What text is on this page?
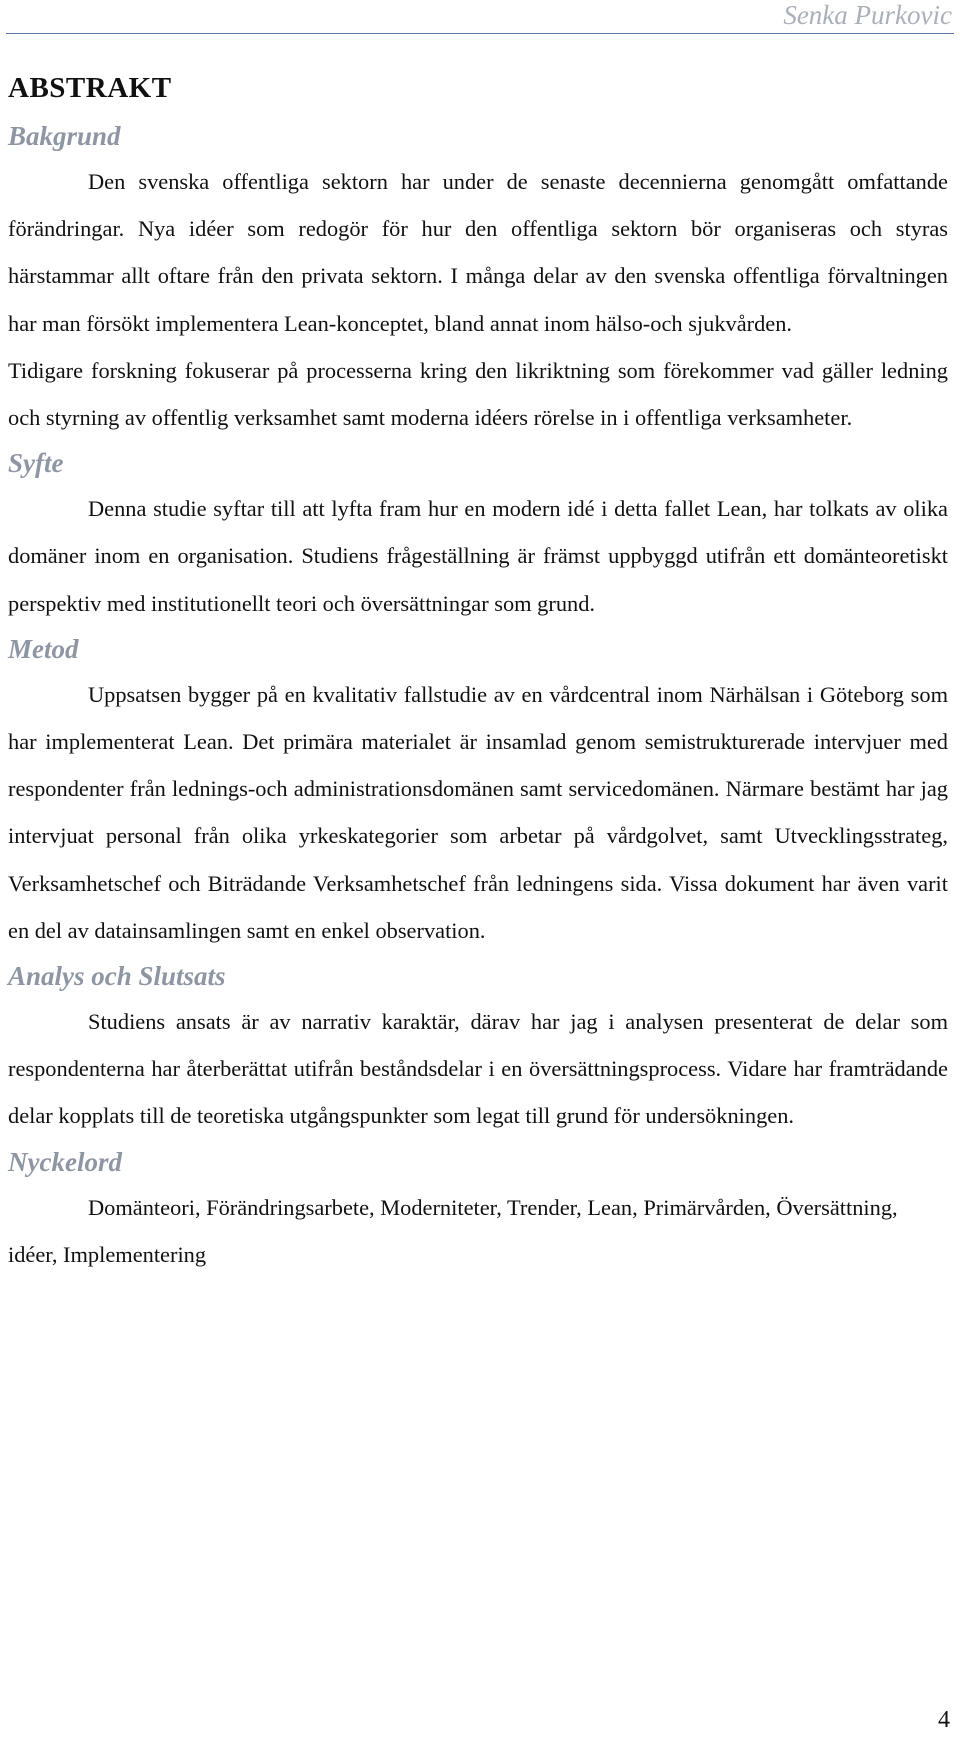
Senka Purkovic
ABSTRAKT
Bakgrund

Den svenska offentliga sektorn har under de senaste decennierna genomgått omfattande förändringar. Nya idéer som redogör för hur den offentliga sektorn bör organiseras och styras härstammar allt oftare från den privata sektorn. I många delar av den svenska offentliga förvaltningen har man försökt implementera Lean-konceptet, bland annat inom hälso-och sjukvården.

Tidigare forskning fokuserar på processerna kring den likriktning som förekommer vad gäller ledning och styrning av offentlig verksamhet samt moderna idéers rörelse in i offentliga verksamheter.

Syfte

Denna studie syftar till att lyfta fram hur en modern idé i detta fallet Lean, har tolkats av olika domäner inom en organisation. Studiens frågeställning är främst uppbyggd utifrån ett domänteoretiskt perspektiv med institutionellt teori och översättningar som grund.

Metod

Uppsatsen bygger på en kvalitativ fallstudie av en vårdcentral inom Närhälsan i Göteborg som har implementerat Lean. Det primära materialet är insamlad genom semistrukturerade intervjuer med respondenter från lednings-och administrationsdomänen samt servicedomänen. Närmare bestämt har jag intervjuat personal från olika yrkeskategorier som arbetar på vårdgolvet, samt Utvecklingsstrateg, Verksamhetschef och Biträdande Verksamhetschef från ledningens sida. Vissa dokument har även varit en del av datainsamlingen samt en enkel observation.

Analys och Slutsats

Studiens ansats är av narrativ karaktär, därav har jag i analysen presenterat de delar som respondenterna har återberättat utifrån beståndsdelar i en översättningsprocess. Vidare har framträdande delar kopplats till de teoretiska utgångspunkter som legat till grund för undersökningen.

Nyckelord

Domänteori, Förändringsarbete, Moderniteter, Trender, Lean, Primärvården, Översättning, idéer, Implementering

4
